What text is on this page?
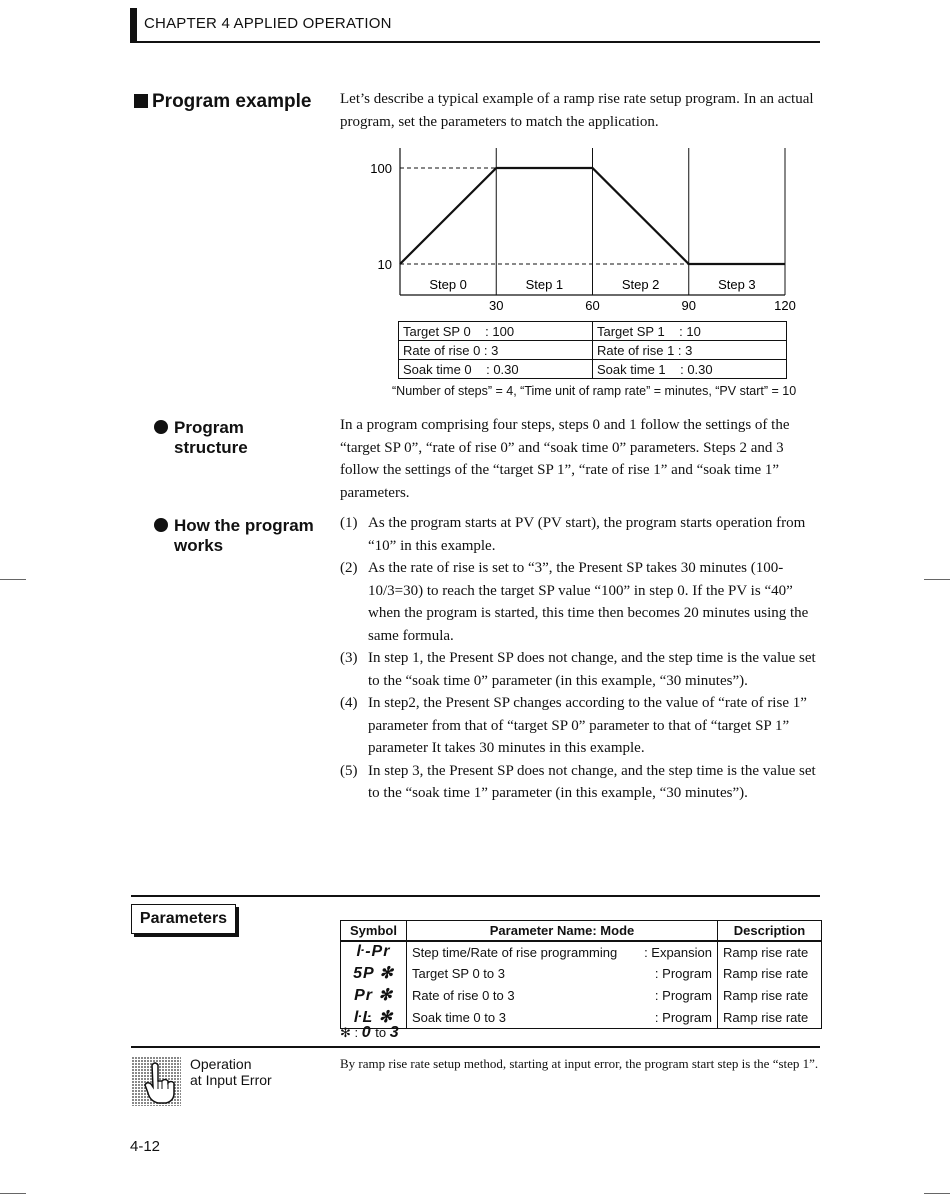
CHAPTER 4 APPLIED OPERATION
Program example Let’s describe a typical example of a ramp rise rate setup program. In an actual program, set the parameters to match the application.
100
10
30	60	90	120
Step 0	Step 1	Step 2	Step 3
Target SP 0    : 100	Target SP 1    : 10
Rate of rise 0 : 3	Rate of rise 1 : 3
Soak time 0    : 0.30	Soak time 1    : 0.30
“Number of steps” = 4, “Time unit of ramp rate” = minutes, “PV start” = 10
Program
structure
In a program comprising four steps, steps 0 and 1 follow the settings of the “target SP 0”, “rate of rise 0” and “soak time 0” parameters. Steps 2 and 3 follow the settings of the “target SP 1”, “rate of rise 1” and “soak time 1” parameters.
How the program
works
(1) As the program starts at PV (PV start), the program starts operation from “10” in this example.
(2) As the rate of rise is set to “3”, the Present SP takes 30 minutes (100-10/3=30) to reach the target SP value “100” in step 0. If the PV is “40” when the program is started, this time then becomes 20 minutes using the same formula.
(3) In step 1, the Present SP does not change, and the step time is the value set to the “soak time 0” parameter (in this example, “30 minutes”).
(4) In step2, the Present SP changes according to the value of “rate of rise 1” parameter from that of “target SP 0” parameter to that of “target SP 1” parameter It takes 30 minutes in this example.
(5) In step 3, the Present SP does not change, and the step time is the value set to the “soak time 1” parameter (in this example, “30 minutes”).
Parameters
Symbol	Parameter Name: Mode	Description
ŀ-Pr	Step time/Rate of rise programming : Expansion	Ramp rise rate
5P ✻	Target SP 0 to 3 : Program	Ramp rise rate
Pr ✻	Rate of rise 0 to 3 : Program	Ramp rise rate
ŀĿ ✻	Soak time 0 to 3 : Program	Ramp rise rate
✻ : 0 to 3
Operation
at Input Error
By ramp rise rate setup method, starting at input error, the program start step is the “step 1”.
4-12
